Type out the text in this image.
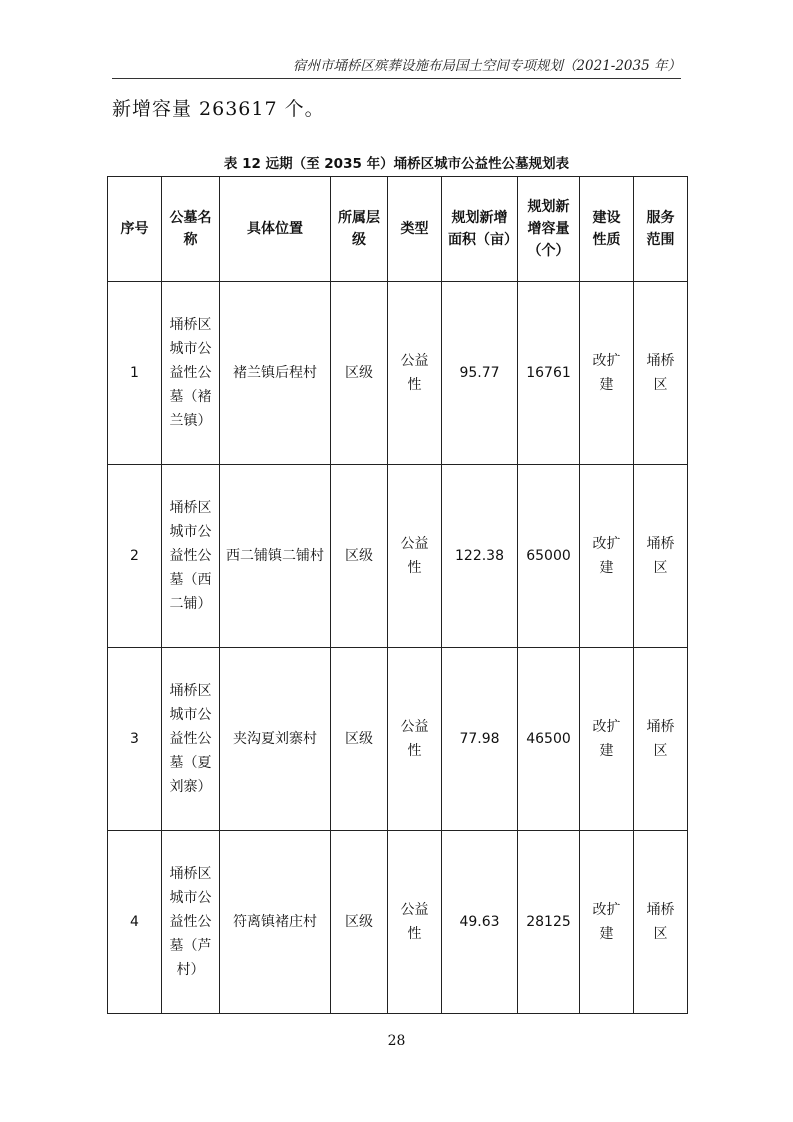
宿州市埇桥区殡葬设施布局国土空间专项规划（2021-2035 年）
新增容量 263617 个。
表 12 远期（至 2035 年）埇桥区城市公益性公墓规划表
序号	公墓名称	具体位置	所属层级	类型	规划新增面积（亩）	规划新增容量（个）	建设性质	服务范围
1	埇桥区城市公益性公墓（褚兰镇）	褚兰镇后程村	区级	公益性	95.77	16761	改扩建	埇桥区
2	埇桥区城市公益性公墓（西二铺）	西二铺镇二铺村	区级	公益性	122.38	65000	改扩建	埇桥区
3	埇桥区城市公益性公墓（夏刘寨）	夹沟夏刘寨村	区级	公益性	77.98	46500	改扩建	埇桥区
4	埇桥区城市公益性公墓（芦村）	符离镇褚庄村	区级	公益性	49.63	28125	改扩建	埇桥区
28
